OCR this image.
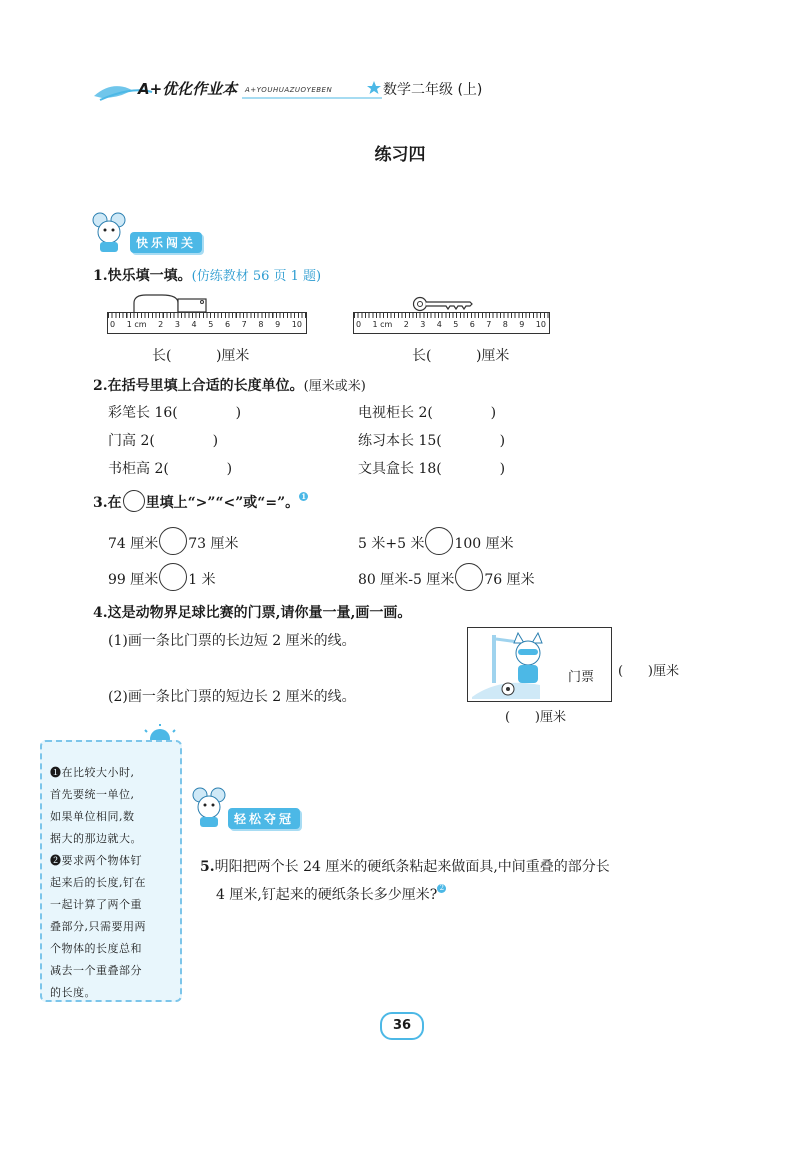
A+优化作业本 A+YOUHUAZUOYEBEN	数学二年级 (上)
练习四
快乐闯关
1.快乐填一填。(仿练教材 56 页 1 题)
0 1 cm 2 3 4 5 6 7 8 9 10	0 1 cm 2 3 4 5 6 7 8 9 10
长(          )厘米	长(          )厘米
2.在括号里填上合适的长度单位。(厘米或米)
彩笔长 16(             )	电视柜长 2(             )
门高 2(             )	练习本长 15(             )
书柜高 2(             )	文具盒长 18(             )
3.在 里填上“>”“<”或“=”。 1
74 厘米 73 厘米	5 米+5 米 100 厘米
99 厘米 1 米	80 厘米-5 厘米 76 厘米
4.这是动物界足球比赛的门票,请你量一量,画一画。
(1)画一条比门票的长边短 2 厘米的线。
(2)画一条比门票的短边长 2 厘米的线。
门票 (      )厘米
(      )厘米
❶在比较大小时,
首先要统一单位,
如果单位相同,数
据大的那边就大。
❷要求两个物体钉
起来后的长度,钉在
一起计算了两个重
叠部分,只需要用两
个物体的长度总和
减去一个重叠部分
的长度。
轻松夺冠
5.明阳把两个长 24 厘米的硬纸条粘起来做面具,中间重叠的部分长
4 厘米,钉起来的硬纸条长多少厘米? 2
36
